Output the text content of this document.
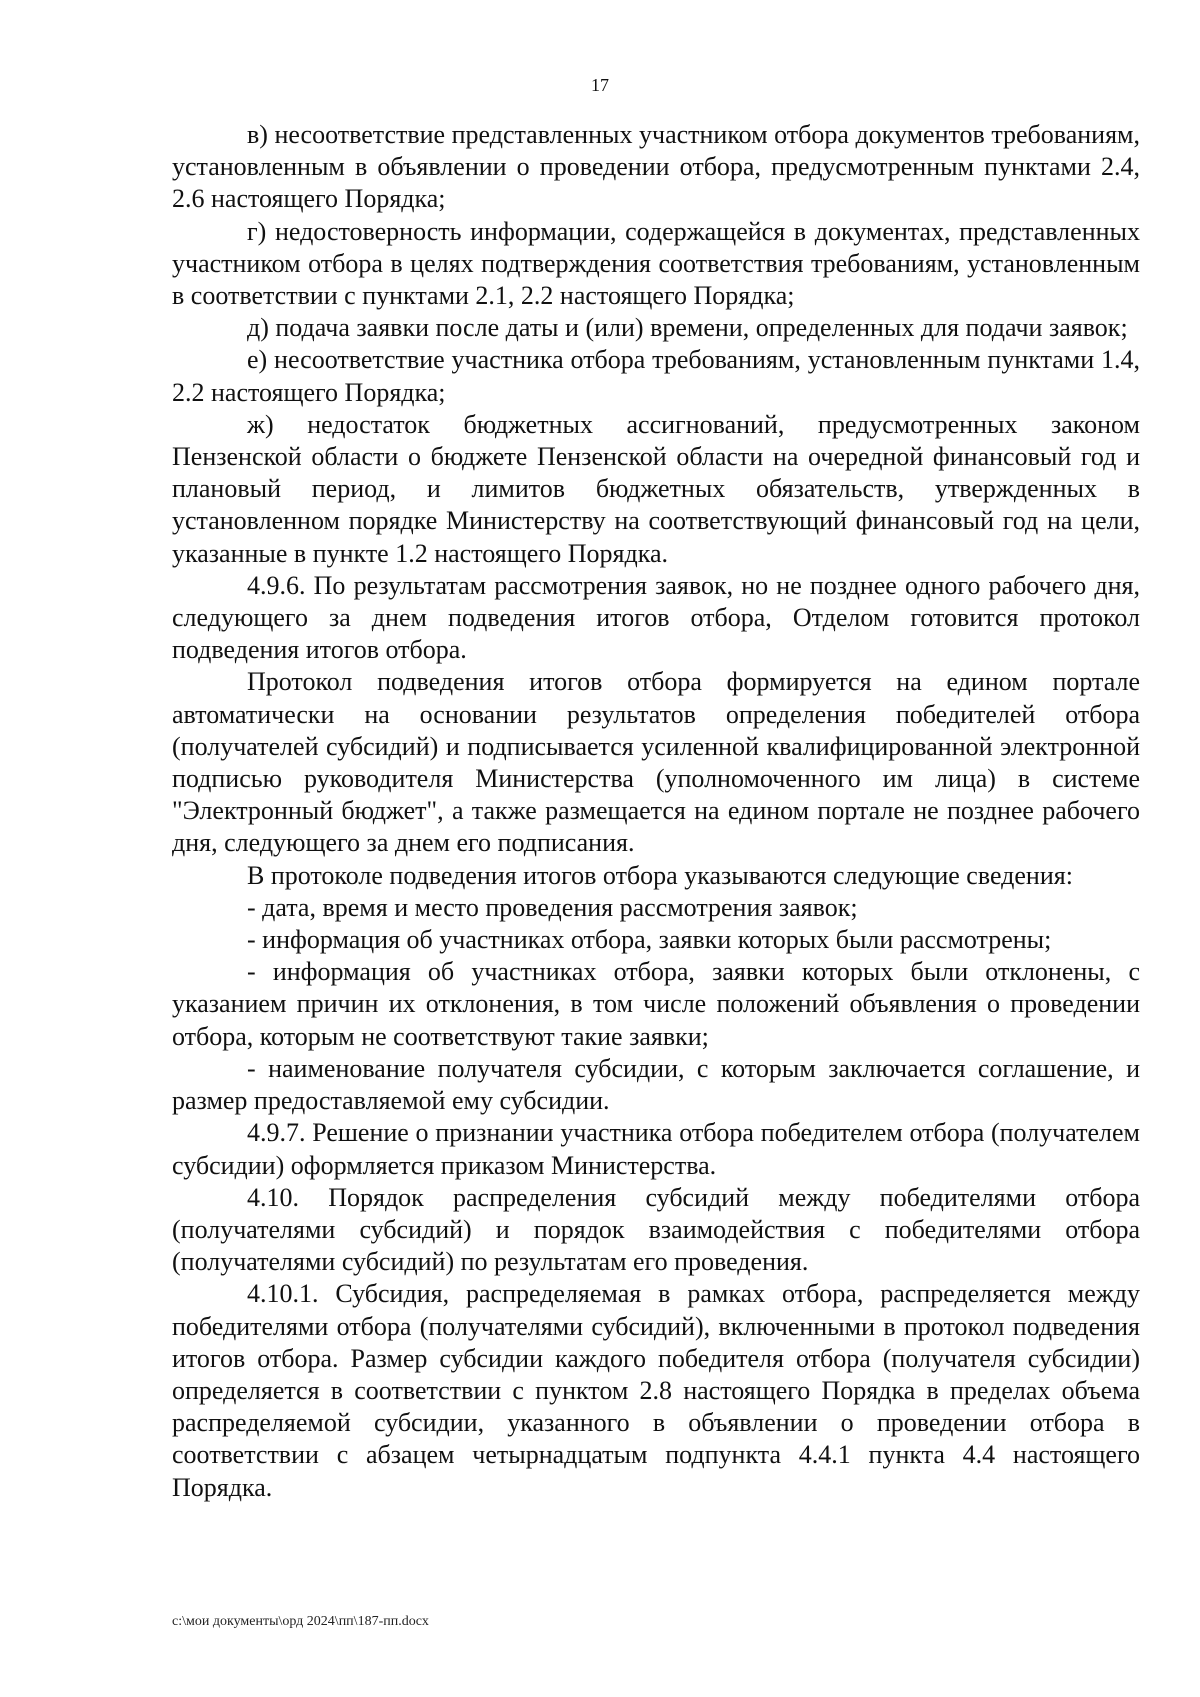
17

в) несоответствие представленных участником отбора документов требованиям, установленным в объявлении о проведении отбора, предусмотренным пунктами 2.4, 2.6 настоящего Порядка;

г) недостоверность информации, содержащейся в документах, представленных участником отбора в целях подтверждения соответствия требованиям, установленным в соответствии с пунктами 2.1, 2.2 настоящего Порядка;

д) подача заявки после даты и (или) времени, определенных для подачи заявок;

е) несоответствие участника отбора требованиям, установленным пунктами 1.4, 2.2 настоящего Порядка;

ж) недостаток бюджетных ассигнований, предусмотренных законом Пензенской области о бюджете Пензенской области на очередной финансовый год и плановый период, и лимитов бюджетных обязательств, утвержденных в установленном порядке Министерству на соответствующий финансовый год на цели, указанные в пункте 1.2 настоящего Порядка.

4.9.6. По результатам рассмотрения заявок, но не позднее одного рабочего дня, следующего за днем подведения итогов отбора, Отделом готовится протокол подведения итогов отбора.

Протокол подведения итогов отбора формируется на едином портале автоматически на основании результатов определения победителей отбора (получателей субсидий) и подписывается усиленной квалифицированной электронной подписью руководителя Министерства (уполномоченного им лица) в системе "Электронный бюджет", а также размещается на едином портале не позднее рабочего дня, следующего за днем его подписания.

В протоколе подведения итогов отбора указываются следующие сведения:

- дата, время и место проведения рассмотрения заявок;

- информация об участниках отбора, заявки которых были рассмотрены;

- информация об участниках отбора, заявки которых были отклонены, с указанием причин их отклонения, в том числе положений объявления о проведении отбора, которым не соответствуют такие заявки;

- наименование получателя субсидии, с которым заключается соглашение, и размер предоставляемой ему субсидии.

4.9.7. Решение о признании участника отбора победителем отбора (получателем субсидии) оформляется приказом Министерства.

4.10. Порядок распределения субсидий между победителями отбора (получателями субсидий) и порядок взаимодействия с победителями отбора (получателями субсидий) по результатам его проведения.

4.10.1. Субсидия, распределяемая в рамках отбора, распределяется между победителями отбора (получателями субсидий), включенными в протокол подведения итогов отбора. Размер субсидии каждого победителя отбора (получателя субсидии) определяется в соответствии с пунктом 2.8 настоящего Порядка в пределах объема распределяемой субсидии, указанного в объявлении о проведении отбора в соответствии с абзацем четырнадцатым подпункта 4.4.1 пункта 4.4 настоящего Порядка.

c:\мои документы\орд 2024\пп\187-пп.docx
